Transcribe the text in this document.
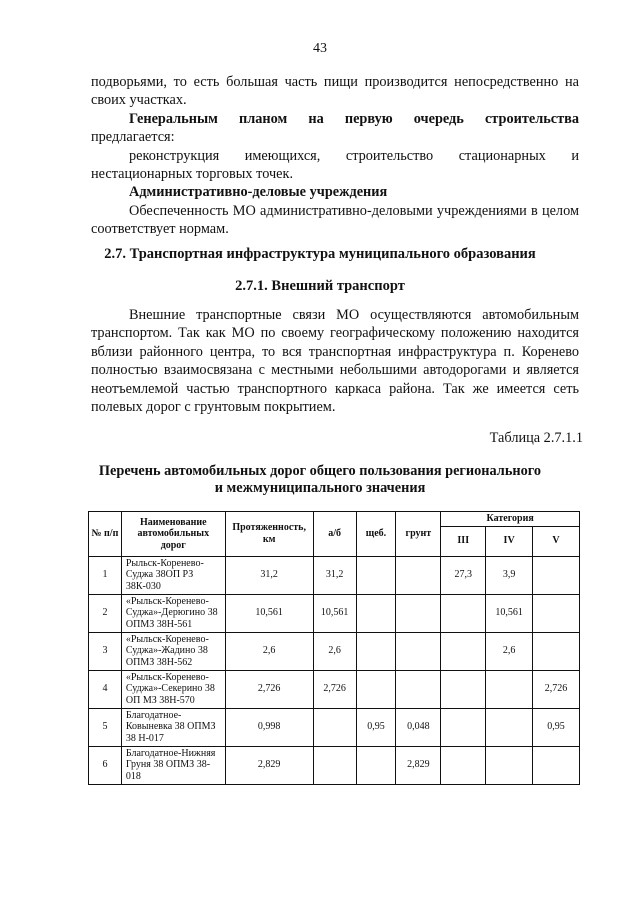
43

подворьями, то есть большая часть пищи производится непосредственно на своих участках.

Генеральным планом на первую очередь строительства

предлагается:

реконструкция имеющихся, строительство стационарных и

нестационарных торговых точек.

Административно-деловые учреждения

Обеспеченность МО административно-деловыми учреждениями в целом соответствует нормам.

2.7. Транспортная инфраструктура муниципального образования
2.7.1. Внешний транспорт

Внешние транспортные связи МО осуществляются автомобильным транспортом. Так как МО по своему географическому положению находится вблизи районного центра, то вся транспортная инфраструктура п. Коренево полностью взаимосвязана с местными небольшими автодорогами и является неотъемлемой частью транспортного каркаса района. Так же имеется сеть полевых дорог с грунтовым покрытием.

Таблица 2.7.1.1
Перечень автомобильных дорог общего пользования регионального
и межмуниципального значения
№ п/п	Наименование автомобильных дорог	Протяженность, км	а/б	щеб.	грунт	Категория		
						III	IV	V
1	Рыльск-Кореневo-Суджа 38ОП РЗ 38К-030	31,2	31,2			27,3	3,9	
2	«Рыльск-Кореневo-Суджа»-Дерюгино 38 ОПМЗ 38Н-561	10,561	10,561				10,561	
3	«Рыльск-Кореневo-Суджа»-Жадино 38 ОПМЗ 38Н-562	2,6	2,6				2,6	
4	«Рыльск-Кореневo-Суджа»-Секерино 38 ОП МЗ 38Н-570	2,726	2,726					2,726
5	Благодатное-Ковынeвка 38 ОПМЗ 38 Н-017	0,998		0,95	0,048			0,95
6	Благодатное-Нижняя Груня 38 ОПМЗ 38-018	2,829			2,829			
